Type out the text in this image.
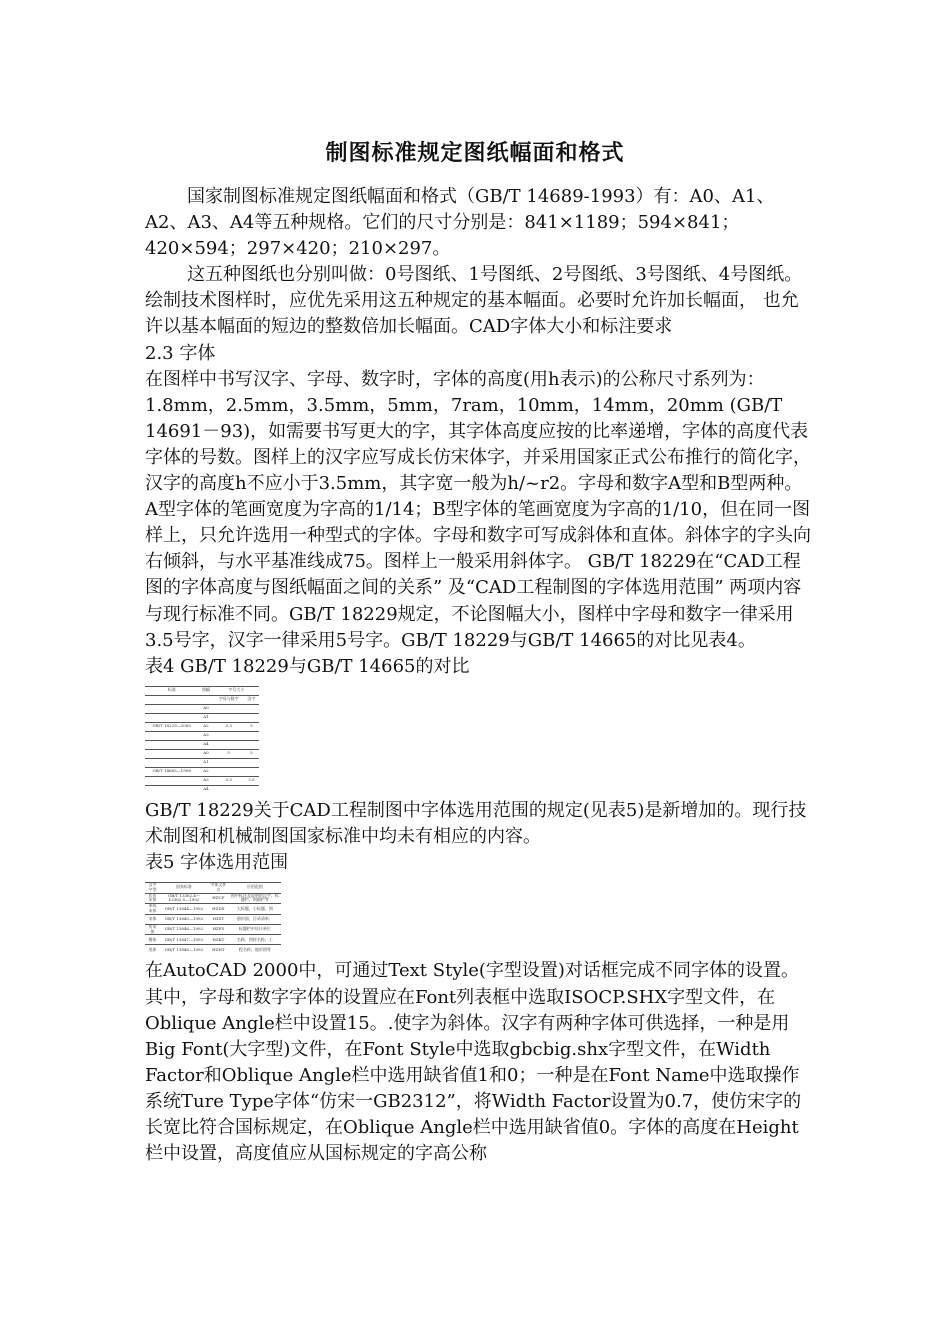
制图标准规定图纸幅面和格式

国家制图标准规定图纸幅面和格式（GB/T 14689-1993）有：A0、A1、A2、A3、A4等五种规格。它们的尺寸分别是：841×1189；594×841；420×594；297×420；210×297。

这五种图纸也分别叫做：0号图纸、1号图纸、2号图纸、3号图纸、4号图纸。绘制技术图样时，应优先采用这五种规定的基本幅面。必要时允许加长幅面， 也允许以基本幅面的短边的整数倍加长幅面。CAD字体大小和标注要求

2.3 字体

在图样中书写汉字、字母、数字时，字体的高度(用h表示)的公称尺寸系列为：1.8mm，2.5mm，3.5mm，5mm，7ram，10mm，14mm，20mm (GB/T 14691－93)，如需要书写更大的字，其字体高度应按的比率递增，字体的高度代表字体的号数。图样上的汉字应写成长仿宋体字，并采用国家正式公布推行的简化字，汉字的高度h不应小于3.5mm，其字宽一般为h/~r2。字母和数字A型和B型两种。A型字体的笔画宽度为字高的1/14；B型字体的笔画宽度为字高的1/10，但在同一图样上，只允许选用一种型式的字体。字母和数字可写成斜体和直体。斜体字的字头向右倾斜，与水平基准线成75。图样上一般采用斜体字。 GB/T 18229在“CAD工程图的字体高度与图纸幅面之间的关系” 及“CAD工程制图的字体选用范围” 两项内容与现行标准不同。GB/T 18229规定，不论图幅大小，图样中字母和数字一律采用3.5号字，汉字一律采用5号字。GB/T 18229与GB/T 14665的对比见表4。

表4 GB/T 18229与GB/T 14665的对比

标准	图幅	字号大小	
		字母与数字	汉字
	A0		
	A1		
GB/T 18229—2000	A2	3.5	5
	A3		
	A4		
	A0	5	5
	A1		
GB/T 14665—1998	A2		
	A3	3.5	3.5
	A4		

GB/T 18229关于CAD工程制图中字体选用范围的规定(见表5)是新增加的。现行技术制图和机械制图国家标准中均未有相应的内容。

表5 字体选用范围

汉字字型	国家标准	字体文件名	应用范围
长仿宋体	GB/T 13362.4～13362.5—1992	HZCF	图中标注及说明的汉字、标题栏、明细栏等
单线宋体	GB/T 13844—1992	HZDX	大标题、小标题、图
宋体	GB/T 13845—1992	HZST	册封面、目录清单、
仿宋体	GB/T 13846—1992	HZFS	标题栏中设计单位
楷体	GB/T 13847—1992	HZKT	名称、图样名称、工
黑体	GB/T 13848—1992	HZHT	程名称、地形图等

在AutoCAD 2000中，可通过Text Style(字型设置)对话框完成不同字体的设置。其中，字母和数字字体的设置应在Font列表框中选取ISOCP.SHX字型文件，在Oblique Angle栏中设置15。.使字为斜体。汉字有两种字体可供选择，一种是用Big Font(大字型)文件，在Font Style中选取gbcbig.shx字型文件，在Width Factor和Oblique Angle栏中选用缺省值1和0；一种是在Font Name中选取操作系统Ture Type字体“仿宋一GB2312”，将Width Factor设置为0.7，使仿宋字的长宽比符合国标规定，在Oblique Angle栏中选用缺省值0。字体的高度在Height栏中设置，高度值应从国标规定的字高公称
